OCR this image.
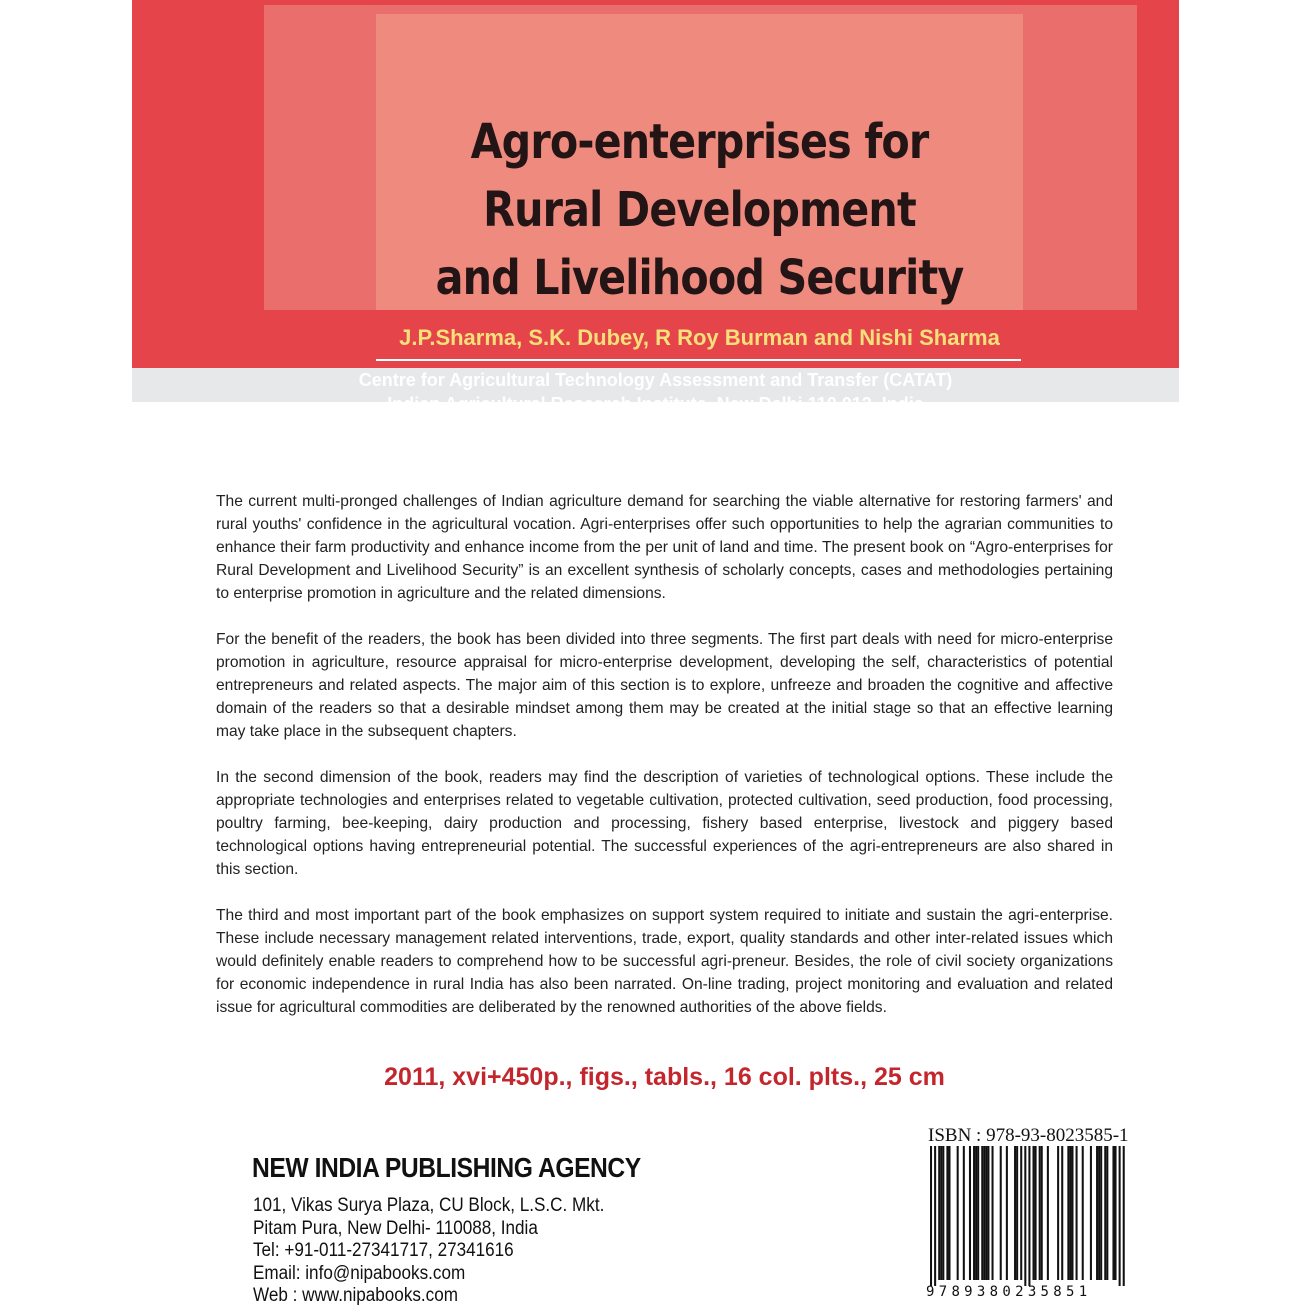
Agro-enterprises for
Rural Development
and Livelihood Security
J.P.Sharma, S.K. Dubey, R Roy Burman and Nishi Sharma
Centre for Agricultural Technology Assessment and Transfer (CATAT)
Indian Agricultural Research Institute, New Delhi 110 012, India

The current multi-pronged challenges of Indian agriculture demand for searching the viable alternative for restoring farmers' and rural youths' confidence in the agricultural vocation. Agri-enterprises offer such opportunities to help the agrarian communities to enhance their farm productivity and enhance income from the per unit of land and time. The present book on “Agro-enterprises for Rural Development and Livelihood Security” is an excellent synthesis of scholarly concepts, cases and methodologies pertaining to enterprise promotion in agriculture and the related dimensions.

For the benefit of the readers, the book has been divided into three segments. The first part deals with need for micro-enterprise promotion in agriculture, resource appraisal for micro-enterprise development, developing the self, characteristics of potential entrepreneurs and related aspects. The major aim of this section is to explore, unfreeze and broaden the cognitive and affective domain of the readers so that a desirable mindset among them may be created at the initial stage so that an effective learning may take place in the subsequent chapters.

In the second dimension of the book, readers may find the description of varieties of technological options. These include the appropriate technologies and enterprises related to vegetable cultivation, protected cultivation, seed production, food processing, poultry farming, bee-keeping, dairy production and processing, fishery based enterprise, livestock and piggery based technological options having entrepreneurial potential. The successful experiences of the agri-entrepreneurs are also shared in this section.

The third and most important part of the book emphasizes on support system required to initiate and sustain the agri-enterprise. These include necessary management related interventions, trade, export, quality standards and other inter-related issues which would definitely enable readers to comprehend how to be successful agri-preneur. Besides, the role of civil society organizations for economic independence in rural India has also been narrated. On-line trading, project monitoring and evaluation and related issue for agricultural commodities are deliberated by the renowned authorities of the above fields.

2011, xvi+450p., figs., tabls., 16 col. plts., 25 cm
NEW INDIA PUBLISHING AGENCY
101, Vikas Surya Plaza, CU Block, L.S.C. Mkt.
Pitam Pura, New Delhi- 110088, India
Tel: +91-011-27341717, 27341616
Email: info@nipabooks.com
Web : www.nipabooks.com
ISBN : 978-93-8023585-1
9789380235851
